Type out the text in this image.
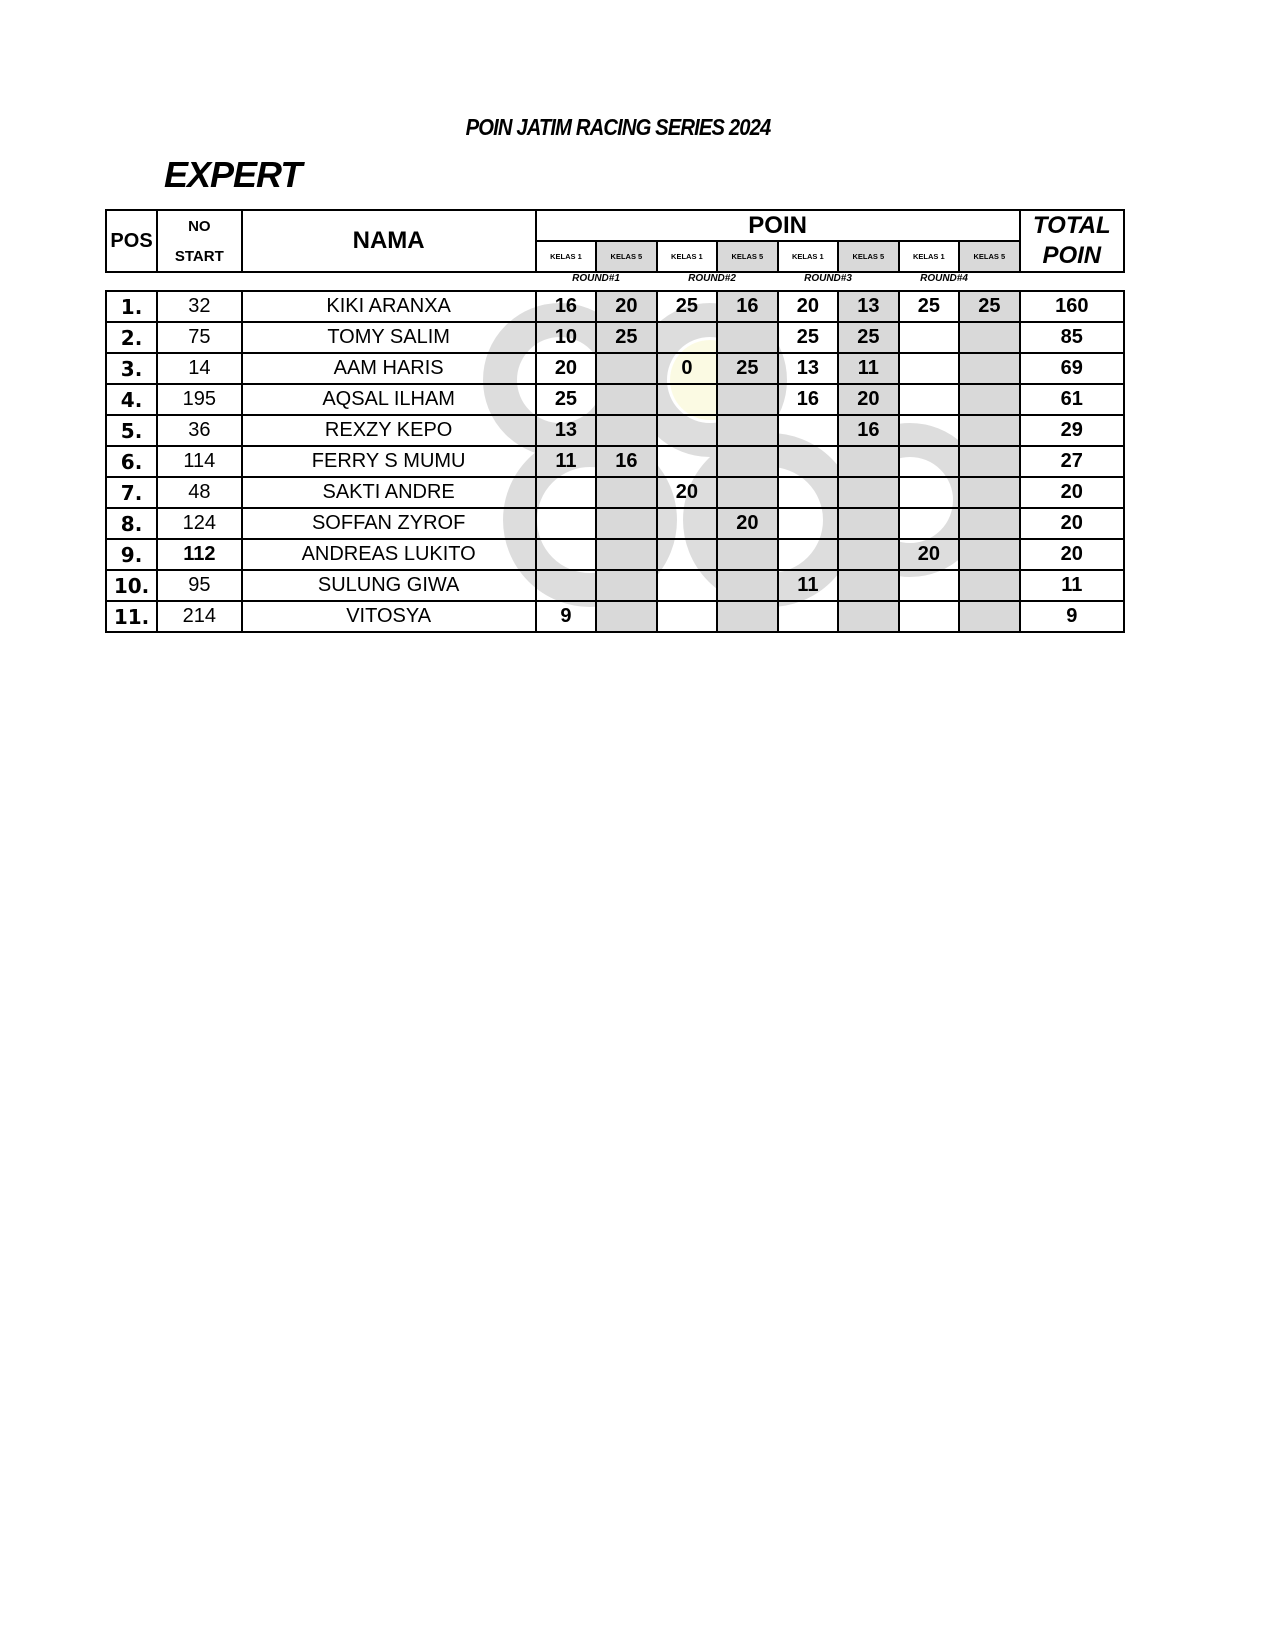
POIN JATIM RACING SERIES 2024
EXPERT
POS	NO	NAMA	POIN								TOTAL
	START		KELAS 1	KELAS 5	KELAS 1	KELAS 5	KELAS 1	KELAS 5	KELAS 1	KELAS 5	POIN
ROUND#1	ROUND#2	ROUND#3	ROUND#4
1.	32	KIKI ARANXA	16	20	25	16	20	13	25	25	160
2.	75	TOMY SALIM	10	25			25	25			85
3.	14	AAM HARIS	20		0	25	13	11			69
4.	195	AQSAL ILHAM	25				16	20			61
5.	36	REXZY KEPO	13					16			29
6.	114	FERRY S MUMU	11	16							27
7.	48	SAKTI ANDRE			20						20
8.	124	SOFFAN ZYROF				20					20
9.	112	ANDREAS LUKITO							20		20
10.	95	SULUNG GIWA					11				11
11.	214	VITOSYA	9								9
